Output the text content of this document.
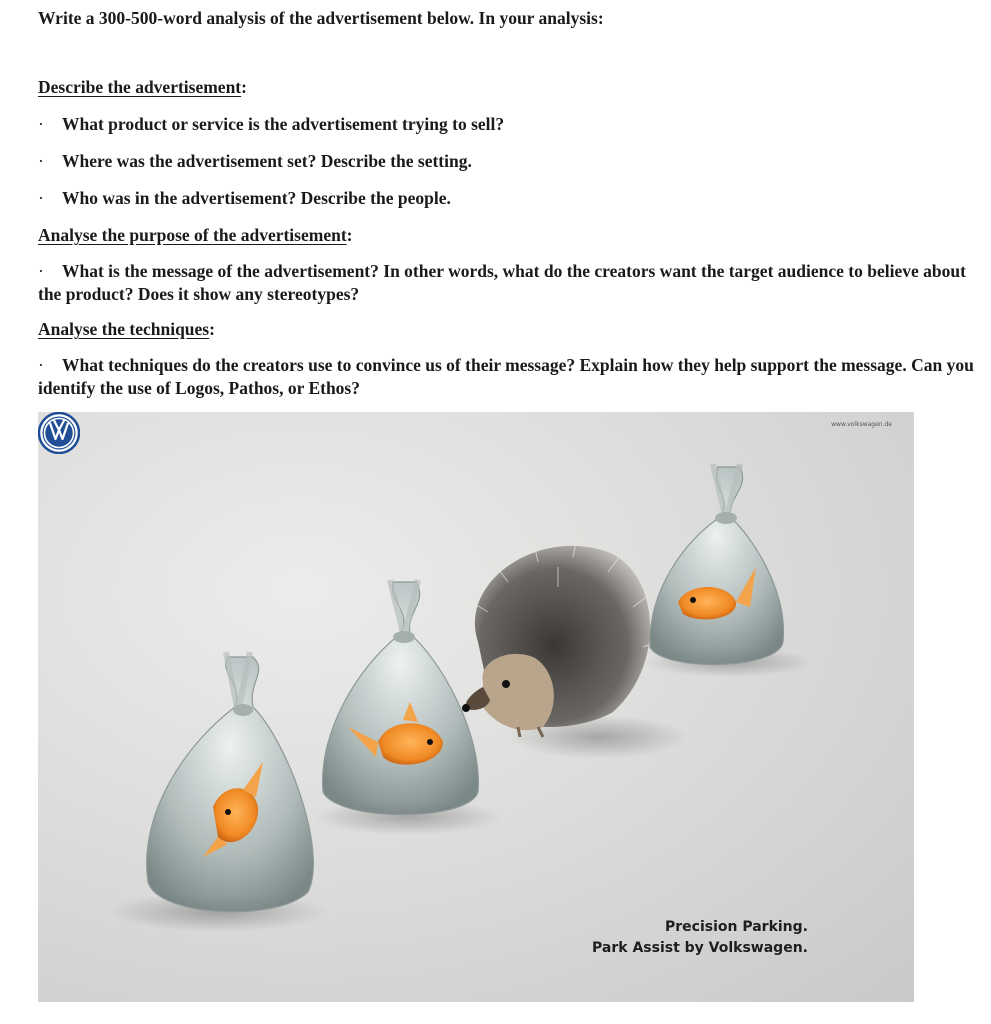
Write a 300-500-word analysis of the advertisement below. In your analysis:
Describe the advertisement:
· What product or service is the advertisement trying to sell?
· Where was the advertisement set? Describe the setting.
· Who was in the advertisement? Describe the people.
Analyse the purpose of the advertisement:
· What is the message of the advertisement? In other words, what do the creators want the target audience to believe about the product? Does it show any stereotypes?
Analyse the techniques:
· What techniques do the creators use to convince us of their message? Explain how they help support the message. Can you identify the use of Logos, Pathos, or Ethos?
www.volkswagen.de
Precision Parking.
Park Assist by Volkswagen.
